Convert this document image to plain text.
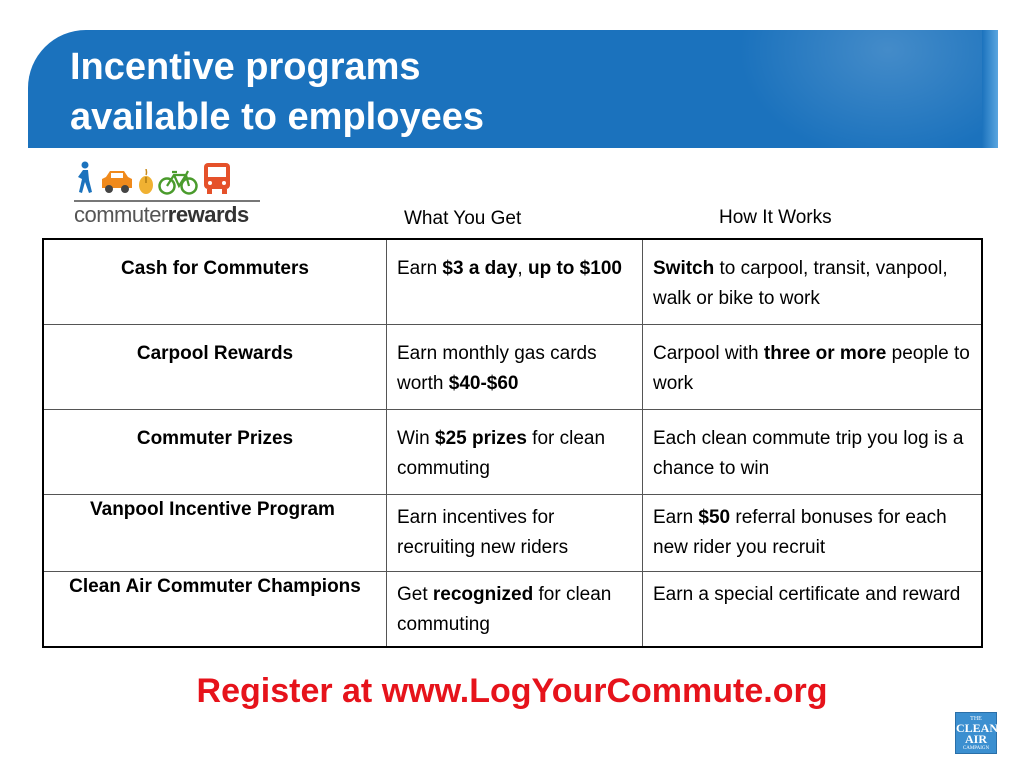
Incentive programs
available to employees
commuterrewards	What You Get	How It Works
Cash for Commuters	Earn $3 a day, up to $100	Switch to carpool, transit, vanpool, walk or bike to work
Carpool Rewards	Earn monthly gas cards worth $40-$60	Carpool with three or more people to work
Commuter Prizes	Win $25 prizes for clean commuting	Each clean commute trip you log is a chance to win
Vanpool Incentive Program	Earn incentives for recruiting new riders	Earn $50 referral bonuses for each new rider you recruit
Clean Air Commuter Champions	Get recognized for clean commuting	Earn a special certificate and reward
Register at www.LogYourCommute.org
THE
CLEAN AIR
CAMPAIGN
